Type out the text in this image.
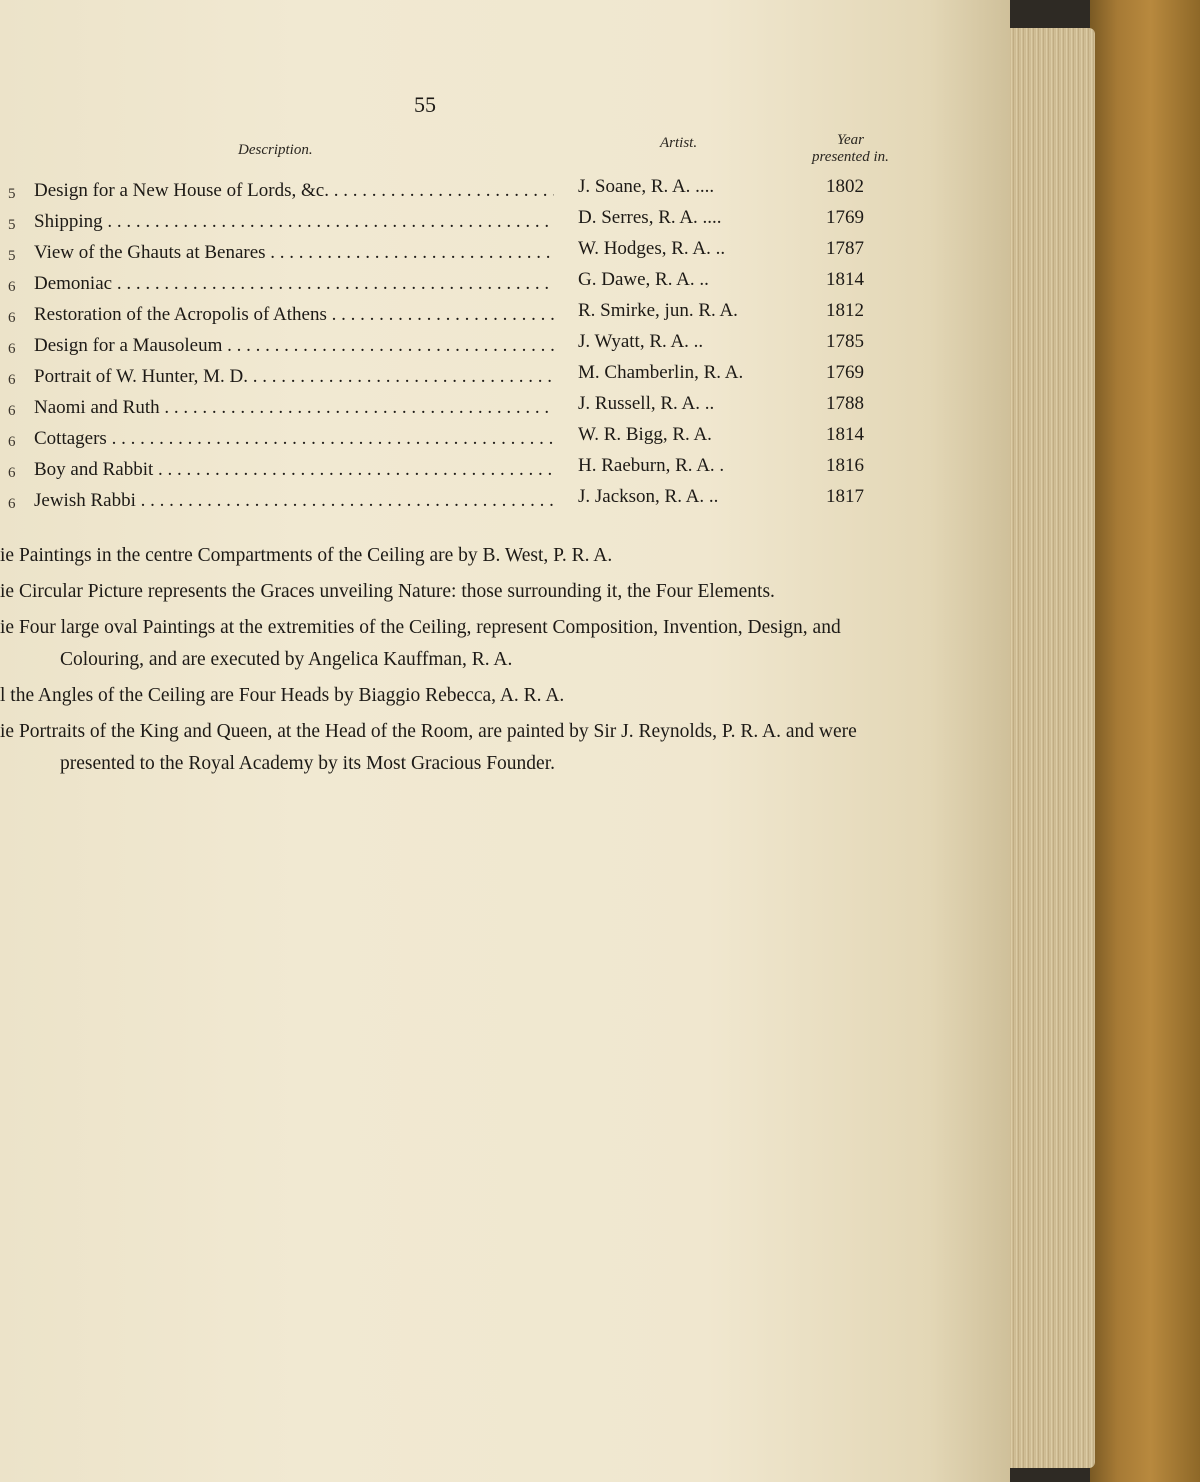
55
Description.	Artist.	Year
presented in.
5 Design for a New House of Lords, &c. . . .	J. Soane, R. A. ....	1802
5 Shipping . . .	D. Serres, R. A. ....	1769
5 View of the Ghauts at Benares . . .	W. Hodges, R. A. ..	1787
6 Demoniac . . .	G. Dawe, R. A. ..	1814
6 Restoration of the Acropolis of Athens . . .	R. Smirke, jun. R. A.	1812
6 Design for a Mausoleum . . .	J. Wyatt, R. A. ..	1785
6 Portrait of W. Hunter, M. D. . . .	M. Chamberlin, R. A.	1769
6 Naomi and Ruth . . .	J. Russell, R. A. ..	1788
6 Cottagers . . .	W. R. Bigg, R. A.	1814
6 Boy and Rabbit . . .	H. Raeburn, R. A. .	1816
6 Jewish Rabbi . . .	J. Jackson, R. A. ..	1817

ie Paintings in the centre Compartments of the Ceiling are by B. West, P. R. A.

ie Circular Picture represents the Graces unveiling Nature: those surrounding it, the Four Elements.

ie Four large oval Paintings at the extremities of the Ceiling, represent Composition, Invention, Design, and Colouring, and are executed by Angelica Kauffman, R. A.

l the Angles of the Ceiling are Four Heads by Biaggio Rebecca, A. R. A.

ie Portraits of the King and Queen, at the Head of the Room, are painted by Sir J. Reynolds, P. R. A. and were presented to the Royal Academy by its Most Gracious Founder.
